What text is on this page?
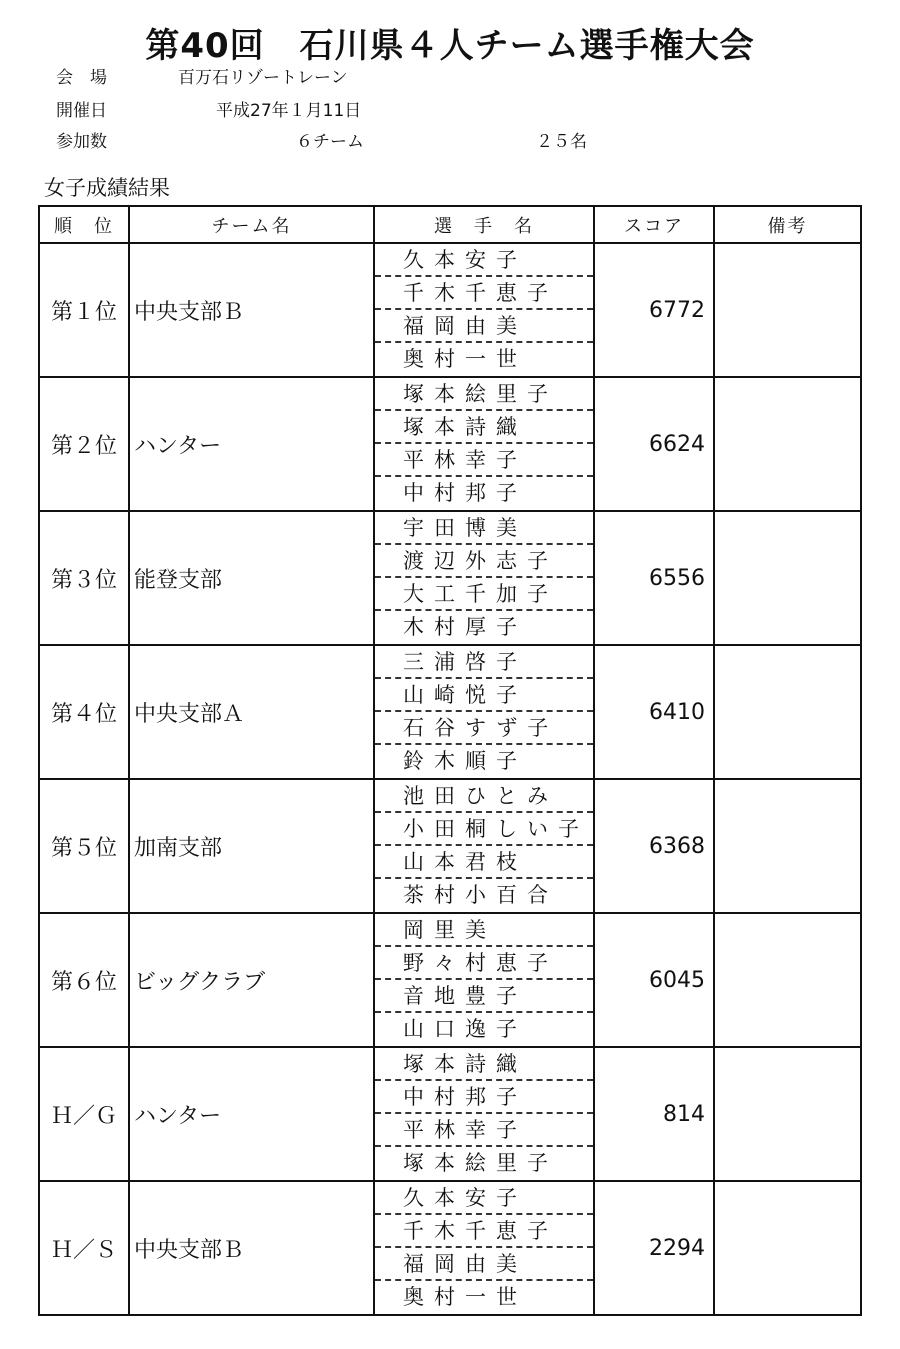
第40回　石川県４人チーム選手権大会

会　場

	百万石リゾートレーン

開催日

	平成27年１月11日

参加数

	６チーム

	２５名

女子成績結果
順　位	チーム名	選　手　名	スコア	備考
第１位	中央支部Ｂ	久本安子
千木千恵子
福岡由美
奥村一世	6772	
第２位	ハンター	塚本絵里子
塚本詩織
平林幸子
中村邦子	6624	
第３位	能登支部	宇田博美
渡辺外志子
大工千加子
木村厚子	6556	
第４位	中央支部Ａ	三浦啓子
山崎悦子
石谷すず子
鈴木順子	6410	
第５位	加南支部	池田ひとみ
小田桐しい子
山本君枝
茶村小百合	6368	
第６位	ビッグクラブ	岡里美
野々村恵子
音地豊子
山口逸子	6045	
Ｈ／Ｇ	ハンター	塚本詩織
中村邦子
平林幸子
塚本絵里子	814	
Ｈ／Ｓ	中央支部Ｂ	久本安子
千木千恵子
福岡由美
奥村一世	2294	
